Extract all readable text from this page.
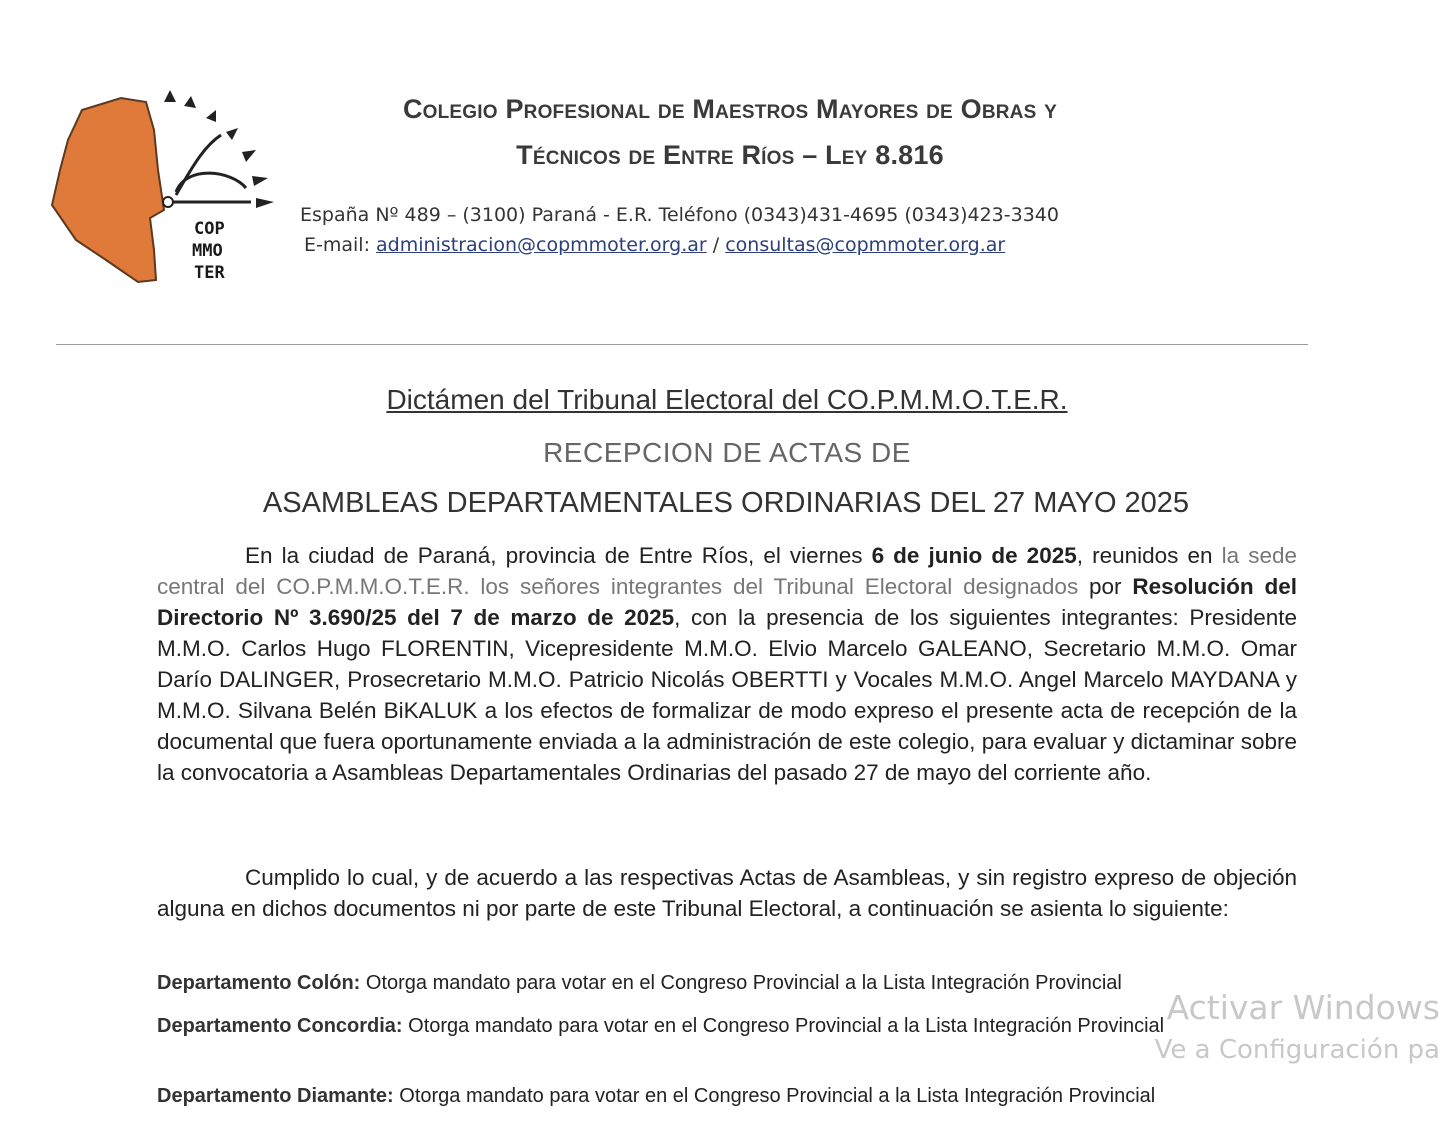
COP
MMO
TER
Colegio Profesional de Maestros Mayores de Obras y
Técnicos de Entre Ríos – Ley 8.816
España Nº 489 – (3100) Paraná - E.R. Teléfono (0343)431-4695 (0343)423-3340
E-mail: administracion@copmmoter.org.ar / consultas@copmmoter.org.ar
Dictámen del Tribunal Electoral del CO.P.M.M.O.T.E.R.
RECEPCION DE ACTAS DE
ASAMBLEAS DEPARTAMENTALES ORDINARIAS DEL 27 MAYO 2025

En la ciudad de Paraná, provincia de Entre Ríos, el viernes 6 de junio de 2025, reunidos en la sede central del CO.P.M.M.O.T.E.R. los señores integrantes del Tribunal Electoral designados por Resolución del Directorio Nº 3.690/25 del 7 de marzo de 2025, con la presencia de los siguientes integrantes: Presidente M.M.O. Carlos Hugo FLORENTIN, Vicepresidente M.M.O. Elvio Marcelo GALEANO, Secretario M.M.O. Omar Darío DALINGER, Prosecretario M.M.O. Patricio Nicolás OBERTTI y Vocales M.M.O. Angel Marcelo MAYDANA y M.M.O. Silvana Belén BiKALUK a los efectos de formalizar de modo expreso el presente acta de recepción de la documental que fuera oportunamente enviada a la administración de este colegio, para evaluar y dictaminar sobre la convocatoria a Asambleas Departamentales Ordinarias del pasado 27 de mayo del corriente año.

Cumplido lo cual, y de acuerdo a las respectivas Actas de Asambleas, y sin registro expreso de objeción alguna en dichos documentos ni por parte de este Tribunal Electoral, a continuación se asienta lo siguiente:

Departamento Colón: Otorga mandato para votar en el Congreso Provincial a la Lista Integración Provincial
Departamento Concordia: Otorga mandato para votar en el Congreso Provincial a la Lista Integración Provincial
Departamento Diamante: Otorga mandato para votar en el Congreso Provincial a la Lista Integración Provincial
Activar Windows
Ve a Configuración pa
